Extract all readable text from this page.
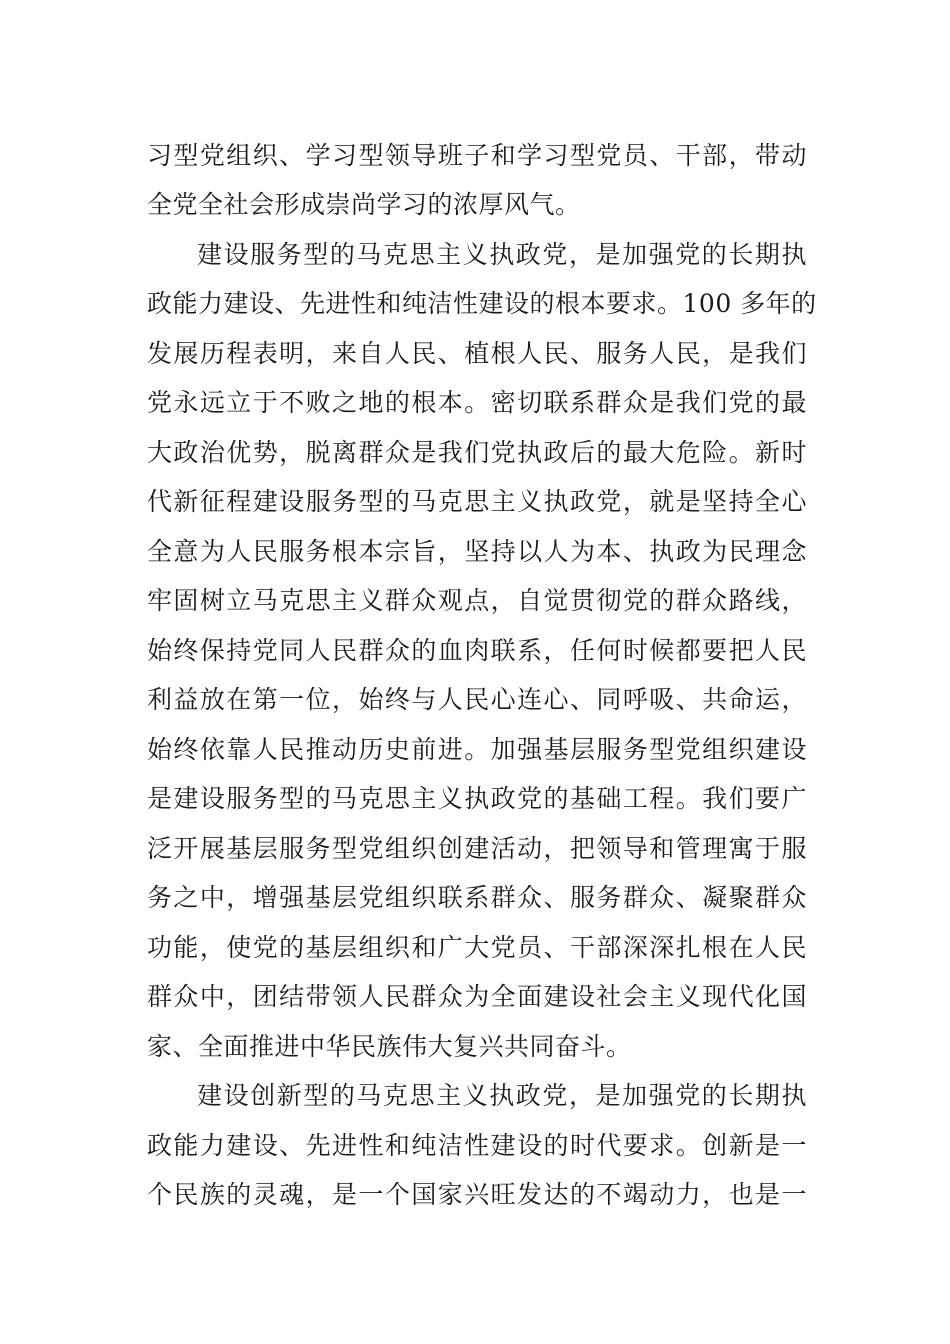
习型党组织、学习型领导班子和学习型党员、干部，带动
全党全社会形成崇尚学习的浓厚风气。
建设服务型的马克思主义执政党，是加强党的长期执
政能力建设、先进性和纯洁性建设的根本要求。100 多年的
发展历程表明，来自人民、植根人民、服务人民，是我们
党永远立于不败之地的根本。密切联系群众是我们党的最
大政治优势，脱离群众是我们党执政后的最大危险。新时
代新征程建设服务型的马克思主义执政党，就是坚持全心
全意为人民服务根本宗旨，坚持以人为本、执政为民理念
牢固树立马克思主义群众观点，自觉贯彻党的群众路线，
始终保持党同人民群众的血肉联系，任何时候都要把人民
利益放在第一位，始终与人民心连心、同呼吸、共命运，
始终依靠人民推动历史前进。加强基层服务型党组织建设
是建设服务型的马克思主义执政党的基础工程。我们要广
泛开展基层服务型党组织创建活动，把领导和管理寓于服
务之中，增强基层党组织联系群众、服务群众、凝聚群众
功能，使党的基层组织和广大党员、干部深深扎根在人民
群众中，团结带领人民群众为全面建设社会主义现代化国
家、全面推进中华民族伟大复兴共同奋斗。
建设创新型的马克思主义执政党，是加强党的长期执
政能力建设、先进性和纯洁性建设的时代要求。创新是一
个民族的灵魂，是一个国家兴旺发达的不竭动力，也是一
